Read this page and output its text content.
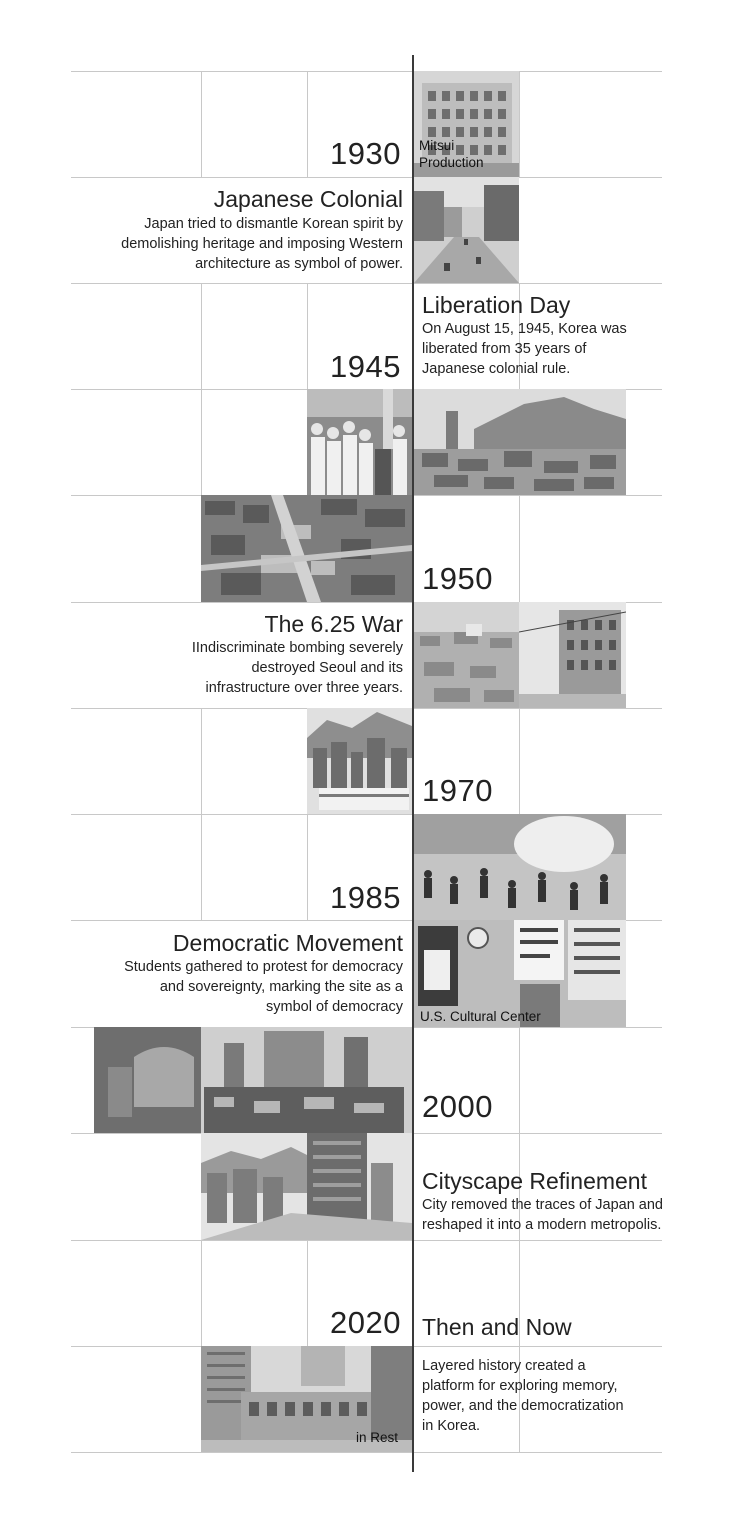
1930 Mitsui Production
Japanese Colonial
Japan tried to dismantle Korean spirit by demolishing heritage and imposing Western architecture as symbol of power.
Liberation Day
On August 15, 1945, Korea was liberated from 35 years of Japanese colonial rule.
1945
1950
The 6.25 War
IIndiscriminate bombing severely destroyed Seoul and its infrastructure over three years.
1970
1985
Democratic Movement
Students gathered to protest for democracy and sovereignty, marking the site as a symbol of democracy
U.S. Cultural Center
2000
Cityscape Refinement
City removed the traces of Japan and reshaped it into a modern metropolis.
2020 Then and Now
Layered history created a platform for exploring memory, power, and the democratization in Korea.
in Rest
